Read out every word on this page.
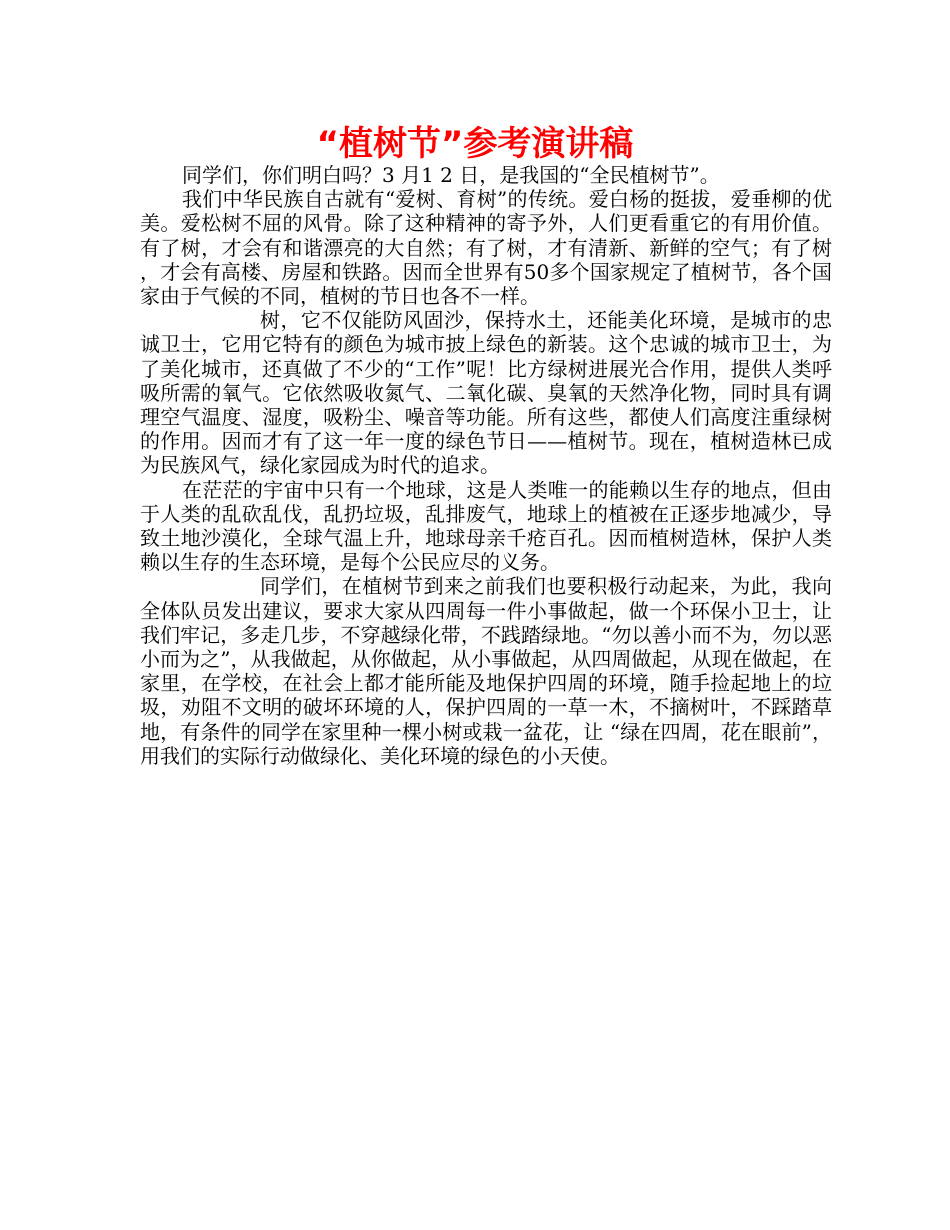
“植树节”参考演讲稿

同学们，你们明白吗？3 月1 2 日，是我国的“全民植树节”。

我们中华民族自古就有“爱树、育树”的传统。爱白杨的挺拔，爱垂柳的优美。爱松树不屈的风骨。除了这种精神的寄予外，人们更看重它的有用价值。有了树，才会有和谐漂亮的大自然；有了树，才有清新、新鲜的空气；有了树，才会有高楼、房屋和铁路。因而全世界有50多个国家规定了植树节，各个国家由于气候的不同，植树的节日也各不一样。

树，它不仅能防风固沙，保持水土，还能美化环境，是城市的忠诚卫士，它用它特有的颜色为城市披上绿色的新装。这个忠诚的城市卫士，为了美化城市，还真做了不少的“工作”呢！比方绿树进展光合作用，提供人类呼吸所需的氧气。它依然吸收氮气、二氧化碳、臭氧的天然净化物，同时具有调理空气温度、湿度，吸粉尘、噪音等功能。所有这些，都使人们高度注重绿树的作用。因而才有了这一年一度的绿色节日——植树节。现在，植树造林已成为民族风气，绿化家园成为时代的追求。

在茫茫的宇宙中只有一个地球，这是人类唯一的能赖以生存的地点，但由于人类的乱砍乱伐，乱扔垃圾，乱排废气，地球上的植被在正逐步地减少，导致土地沙漠化，全球气温上升，地球母亲千疮百孔。因而植树造林，保护人类赖以生存的生态环境，是每个公民应尽的义务。

同学们，在植树节到来之前我们也要积极行动起来，为此，我向全体队员发出建议，要求大家从四周每一件小事做起，做一个环保小卫士，让我们牢记，多走几步，不穿越绿化带，不践踏绿地。“勿以善小而不为，勿以恶小而为之”，从我做起，从你做起，从小事做起，从四周做起，从现在做起，在家里，在学校，在社会上都才能所能及地保护四周的环境，随手捡起地上的垃圾，劝阻不文明的破坏环境的人，保护四周的一草一木，不摘树叶，不踩踏草地，有条件的同学在家里种一棵小树或栽一盆花，让 “绿在四周，花在眼前”，用我们的实际行动做绿化、美化环境的绿色的小天使。
